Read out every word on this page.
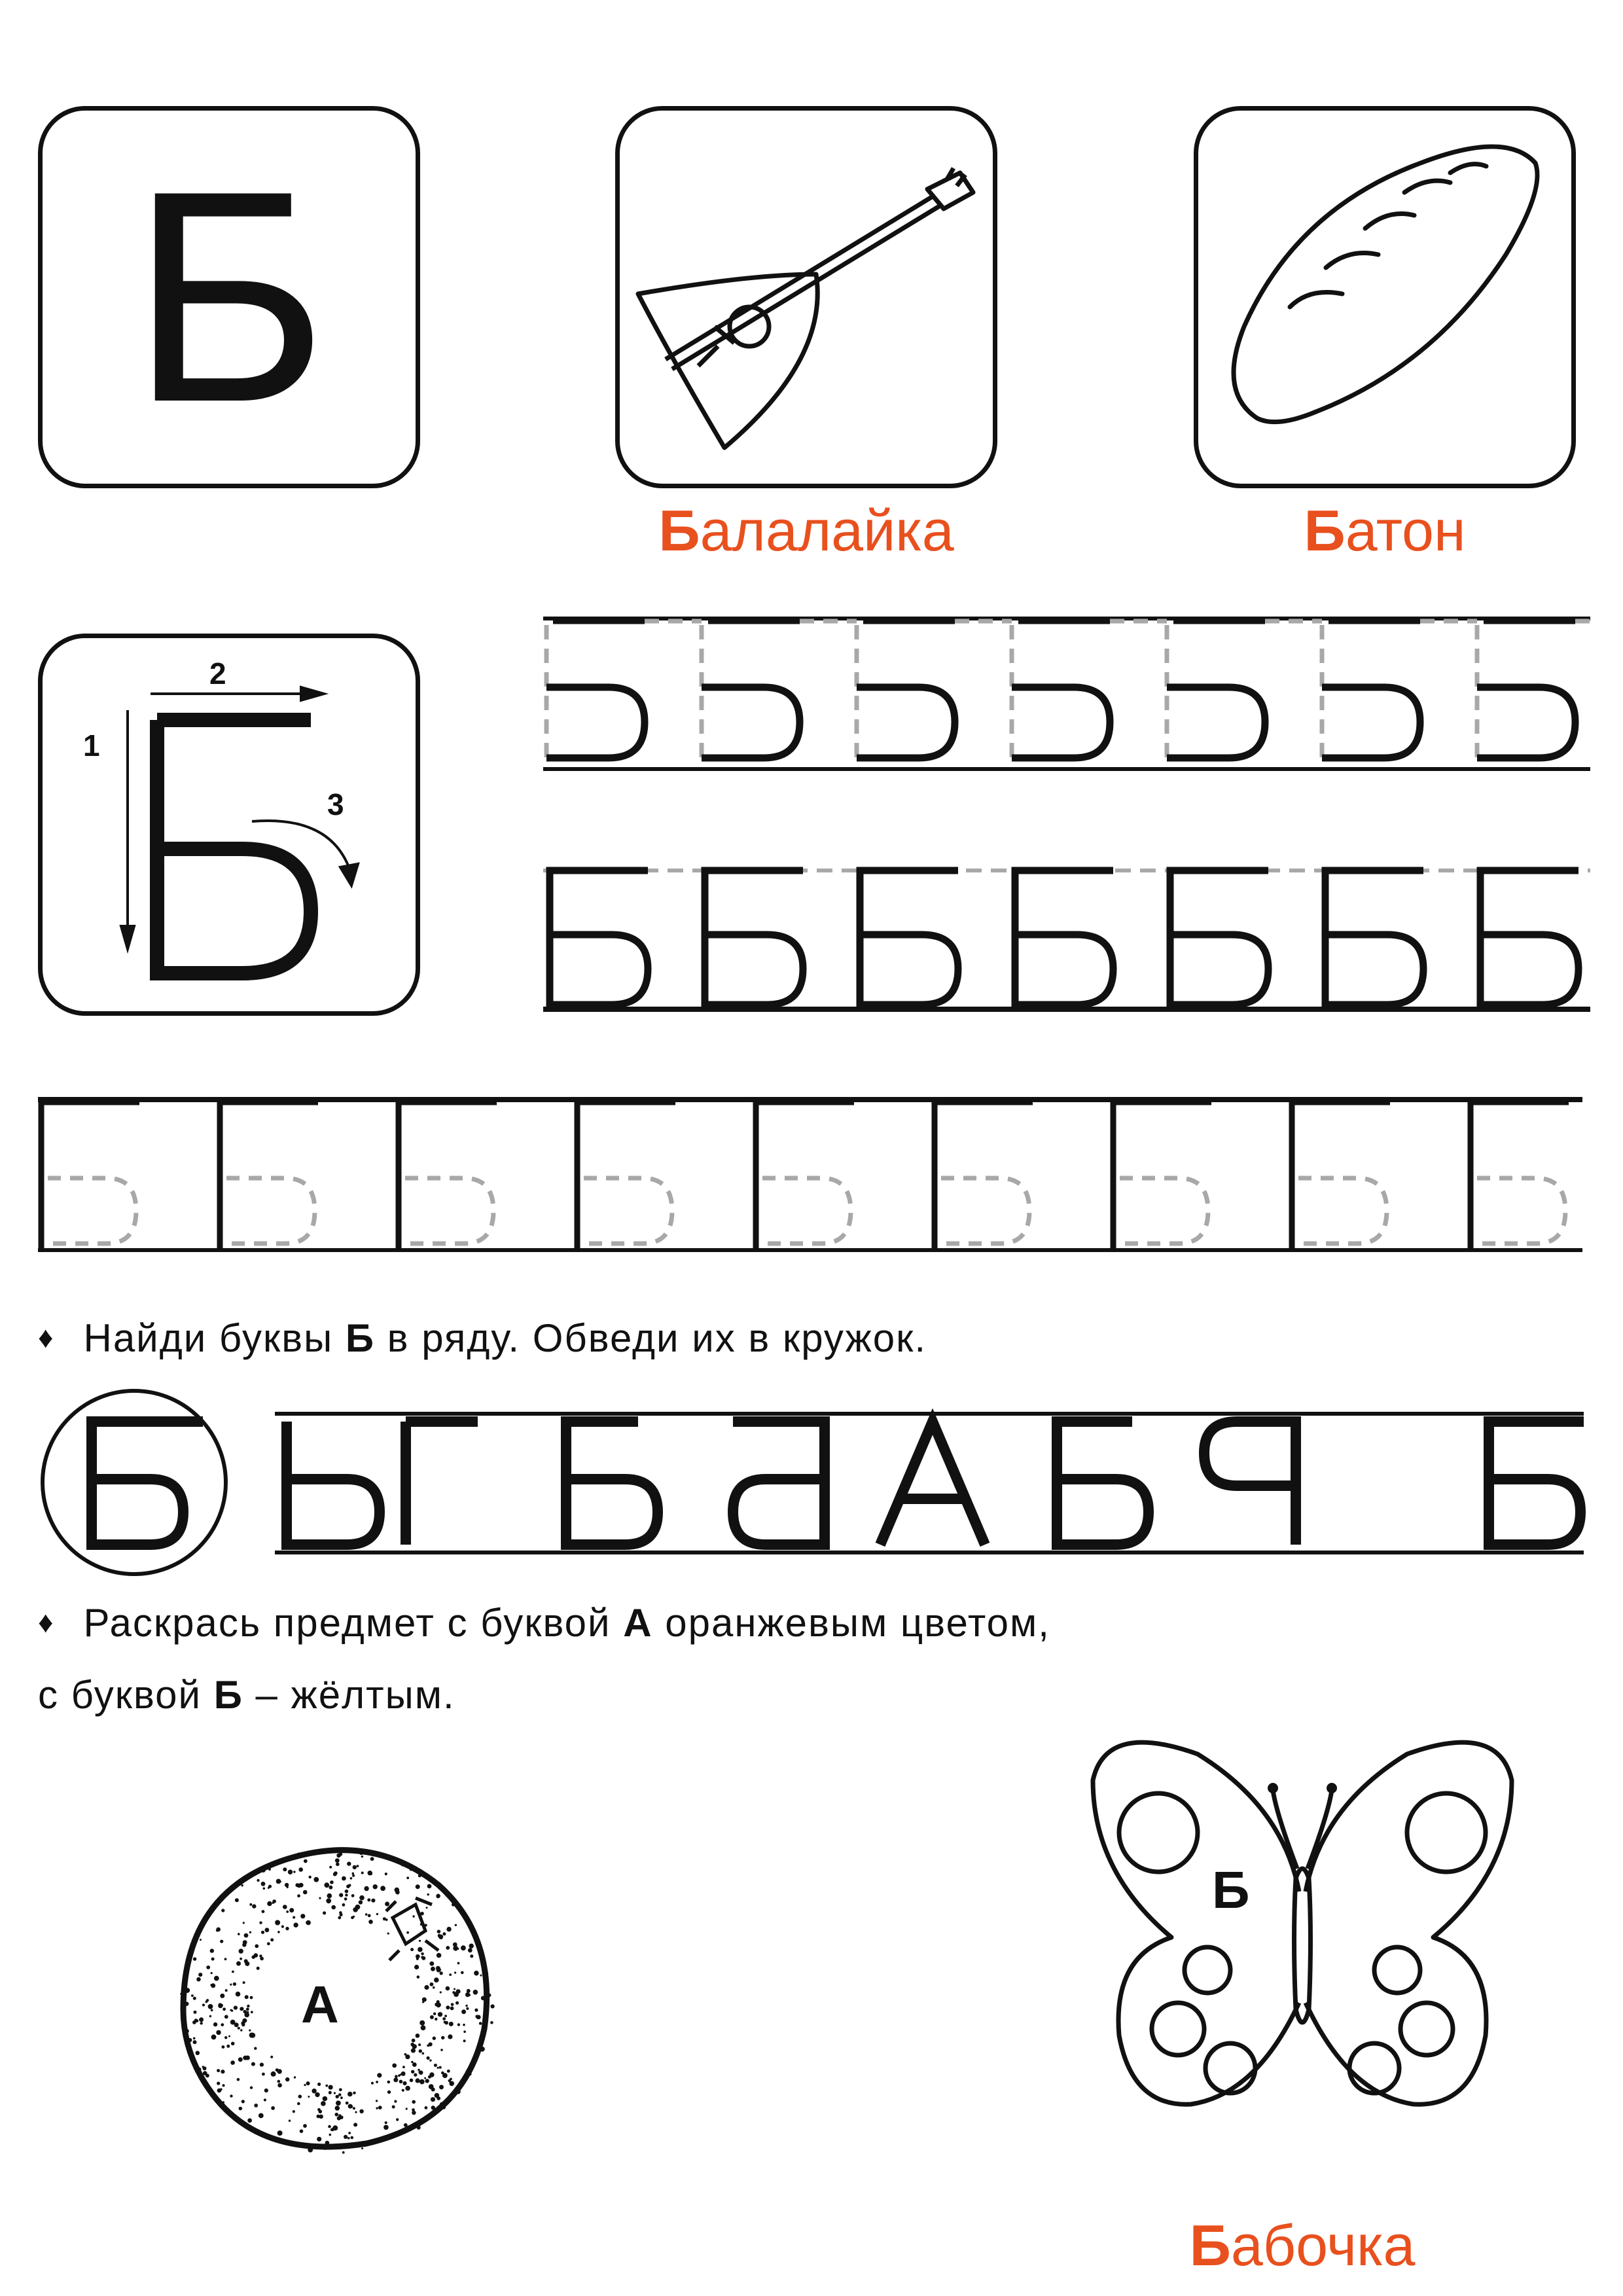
Б
Балалайка	Батон
1
2
3
♦ Найди буквы Б в ряду. Обведи их в кружок.
♦ Раскрась предмет с буквой А оранжевым цветом,
с буквой Б – жёлтым.
А
Б
Бабочка
